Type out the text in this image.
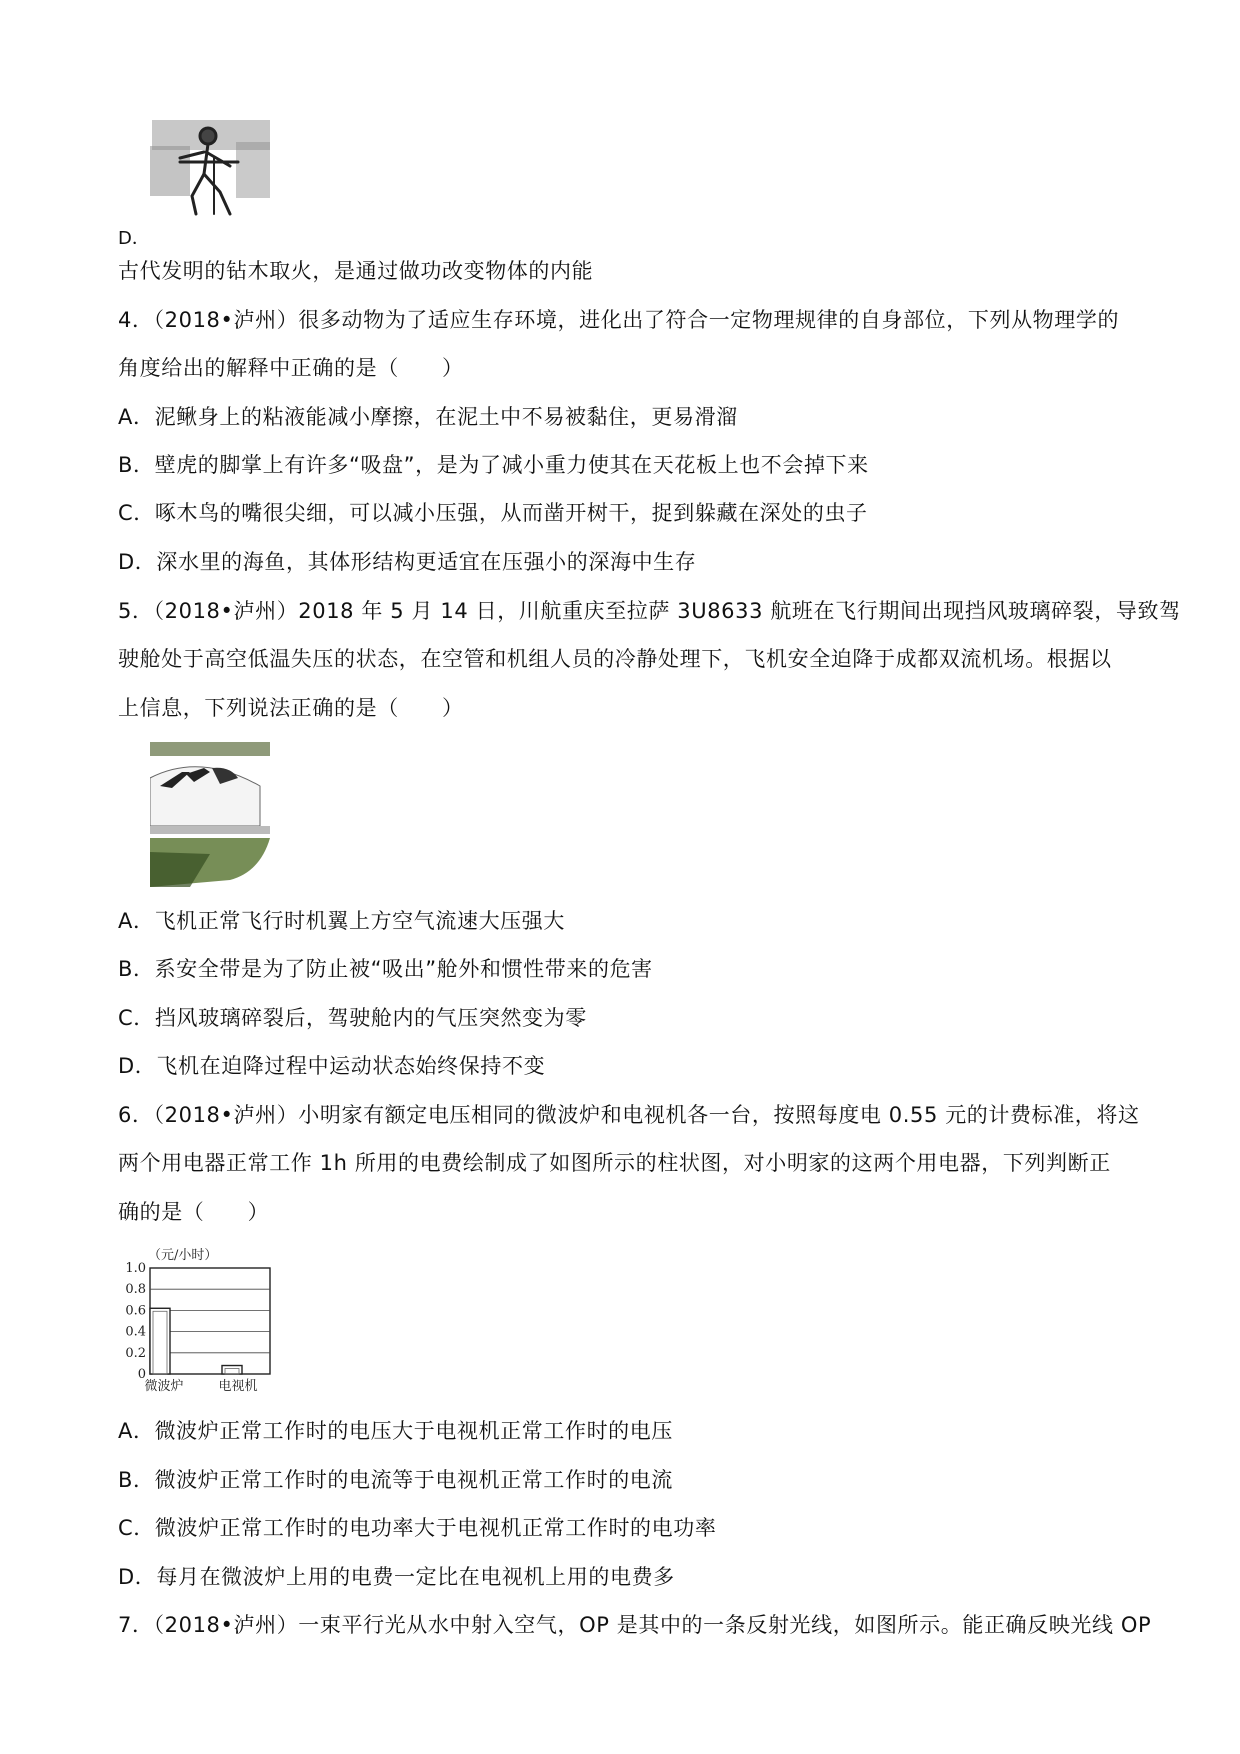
D．
古代发明的钻木取火，是通过做功改变物体的内能
4．（2018•泸州）很多动物为了适应生存环境，进化出了符合一定物理规律的自身部位，下列从物理学的
角度给出的解释中正确的是（　　）
A．泥鳅身上的粘液能减小摩擦，在泥土中不易被黏住，更易滑溜
B．壁虎的脚掌上有许多“吸盘”，是为了减小重力使其在天花板上也不会掉下来
C．啄木鸟的嘴很尖细，可以减小压强，从而凿开树干，捉到躲藏在深处的虫子
D．深水里的海鱼，其体形结构更适宜在压强小的深海中生存
5．（2018•泸州）2018 年 5 月 14 日，川航重庆至拉萨 3U8633 航班在飞行期间出现挡风玻璃碎裂，导致驾
驶舱处于高空低温失压的状态，在空管和机组人员的冷静处理下，飞机安全迫降于成都双流机场。根据以
上信息，下列说法正确的是（　　）
A．飞机正常飞行时机翼上方空气流速大压强大
B．系安全带是为了防止被“吸出”舱外和惯性带来的危害
C．挡风玻璃碎裂后，驾驶舱内的气压突然变为零
D．飞机在迫降过程中运动状态始终保持不变
6．（2018•泸州）小明家有额定电压相同的微波炉和电视机各一台，按照每度电 0.55 元的计费标准，将这
两个用电器正常工作 1h 所用的电费绘制成了如图所示的柱状图，对小明家的这两个用电器，下列判断正
确的是（　　）
（元/小时）
1.0
0.8
0.6
0.4
0.2
0
微波炉	电视机
A．微波炉正常工作时的电压大于电视机正常工作时的电压
B．微波炉正常工作时的电流等于电视机正常工作时的电流
C．微波炉正常工作时的电功率大于电视机正常工作时的电功率
D．每月在微波炉上用的电费一定比在电视机上用的电费多
7．（2018•泸州）一束平行光从水中射入空气，OP 是其中的一条反射光线，如图所示。能正确反映光线 OP
